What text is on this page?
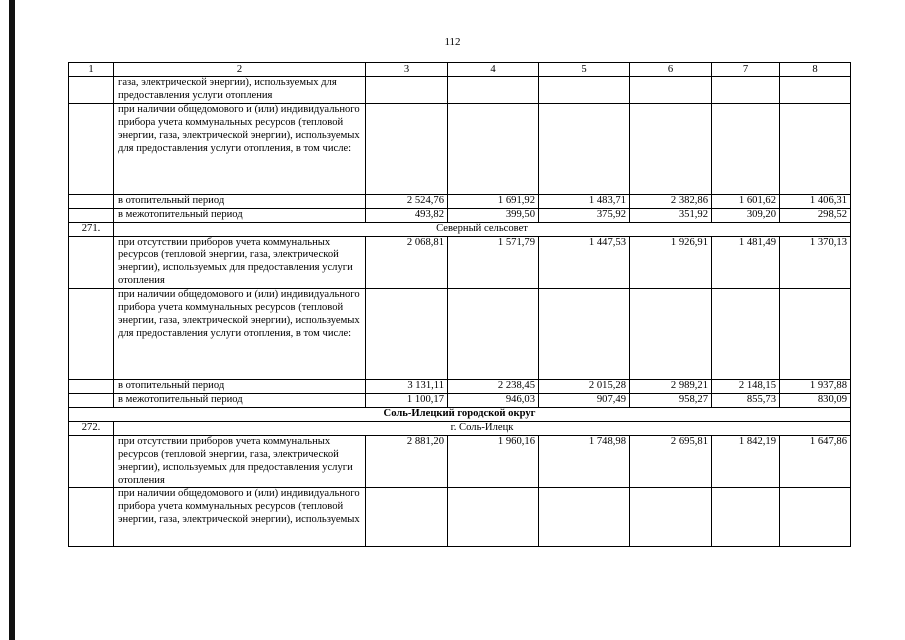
112
1	2	3	4	5	6	7	8
	газа, электрической энергии), используемых для предоставления услуги отопления						
	при наличии общедомового и (или) индивидуального прибора учета коммунальных ресурсов (тепловой энергии, газа, электрической энергии), используемых для предоставления услуги отопления, в том числе:						
	в отопительный период	2 524,76	1 691,92	1 483,71	2 382,86	1 601,62	1 406,31
	в межотопительный период	493,82	399,50	375,92	351,92	309,20	298,52
271.	Северный сельсовет						
	при отсутствии приборов учета коммунальных ресурсов (тепловой энергии, газа, электрической энергии), используемых для предоставления услуги отопления	2 068,81	1 571,79	1 447,53	1 926,91	1 481,49	1 370,13
	при наличии общедомового и (или) индивидуального прибора учета коммунальных ресурсов (тепловой энергии, газа, электрической энергии), используемых для предоставления услуги отопления, в том числе:						
	в отопительный период	3 131,11	2 238,45	2 015,28	2 989,21	2 148,15	1 937,88
	в межотопительный период	1 100,17	946,03	907,49	958,27	855,73	830,09
Соль-Илецкий городской округ							
272.	г. Соль-Илецк						
	при отсутствии приборов учета коммунальных ресурсов (тепловой энергии, газа, электрической энергии), используемых для предоставления услуги отопления	2 881,20	1 960,16	1 748,98	2 695,81	1 842,19	1 647,86
	при наличии общедомового и (или) индивидуального прибора учета коммунальных ресурсов (тепловой энергии, газа, электрической энергии), используемых						
